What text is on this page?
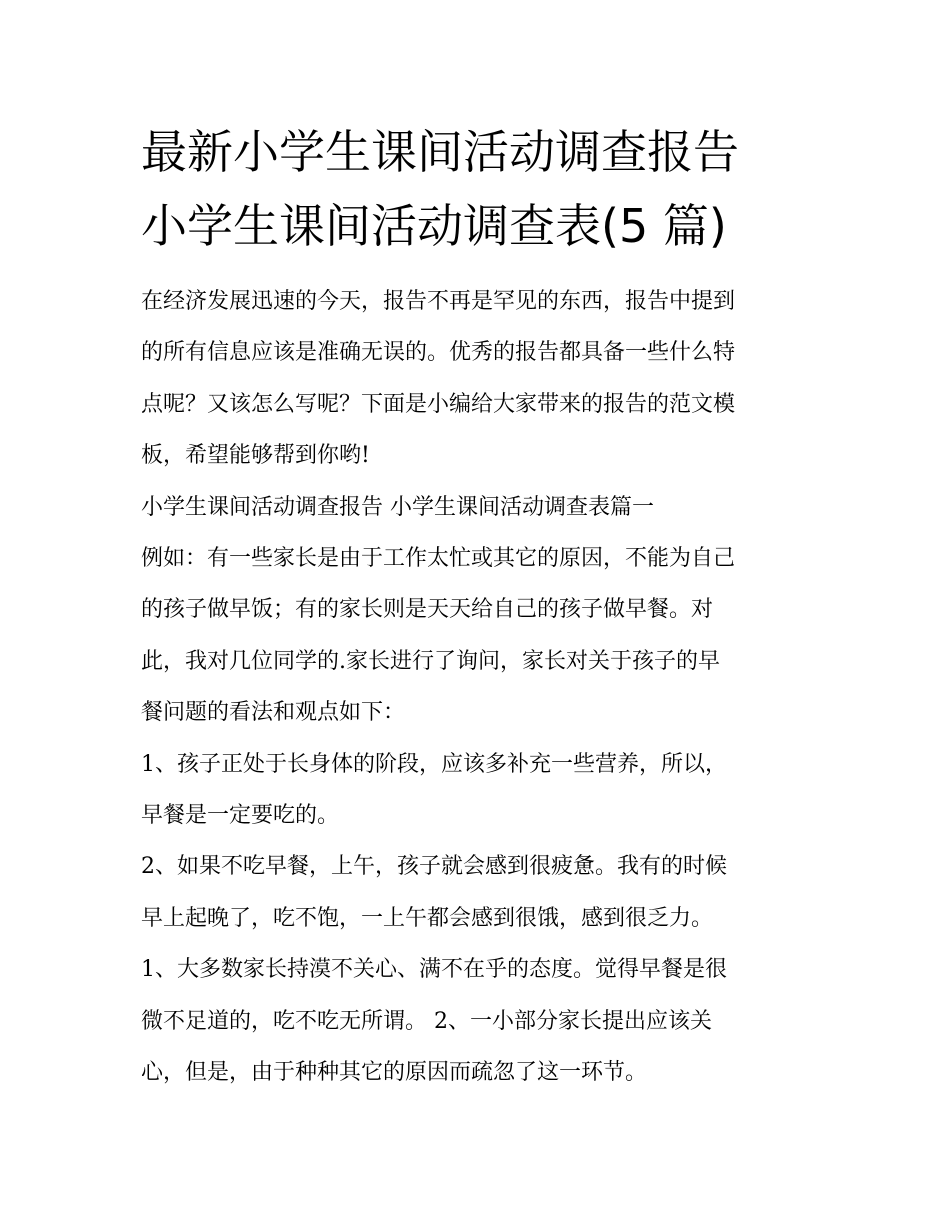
最新小学生课间活动调查报告
小学生课间活动调查表(5 篇)
在经济发展迅速的今天，报告不再是罕见的东西，报告中提到
的所有信息应该是准确无误的。优秀的报告都具备一些什么特
点呢？又该怎么写呢？下面是小编给大家带来的报告的范文模
板，希望能够帮到你哟!
小学生课间活动调查报告 小学生课间活动调查表篇一
例如：有一些家长是由于工作太忙或其它的原因，不能为自己
的孩子做早饭；有的家长则是天天给自己的孩子做早餐。对
此，我对几位同学的.家长进行了询问，家长对关于孩子的早
餐问题的看法和观点如下：
1、孩子正处于长身体的阶段，应该多补充一些营养，所以，
早餐是一定要吃的。
2、如果不吃早餐，上午，孩子就会感到很疲惫。我有的时候
早上起晚了，吃不饱，一上午都会感到很饿，感到很乏力。
1、大多数家长持漠不关心、满不在乎的态度。觉得早餐是很
微不足道的，吃不吃无所谓。 2、一小部分家长提出应该关
心，但是，由于种种其它的原因而疏忽了这一环节。
